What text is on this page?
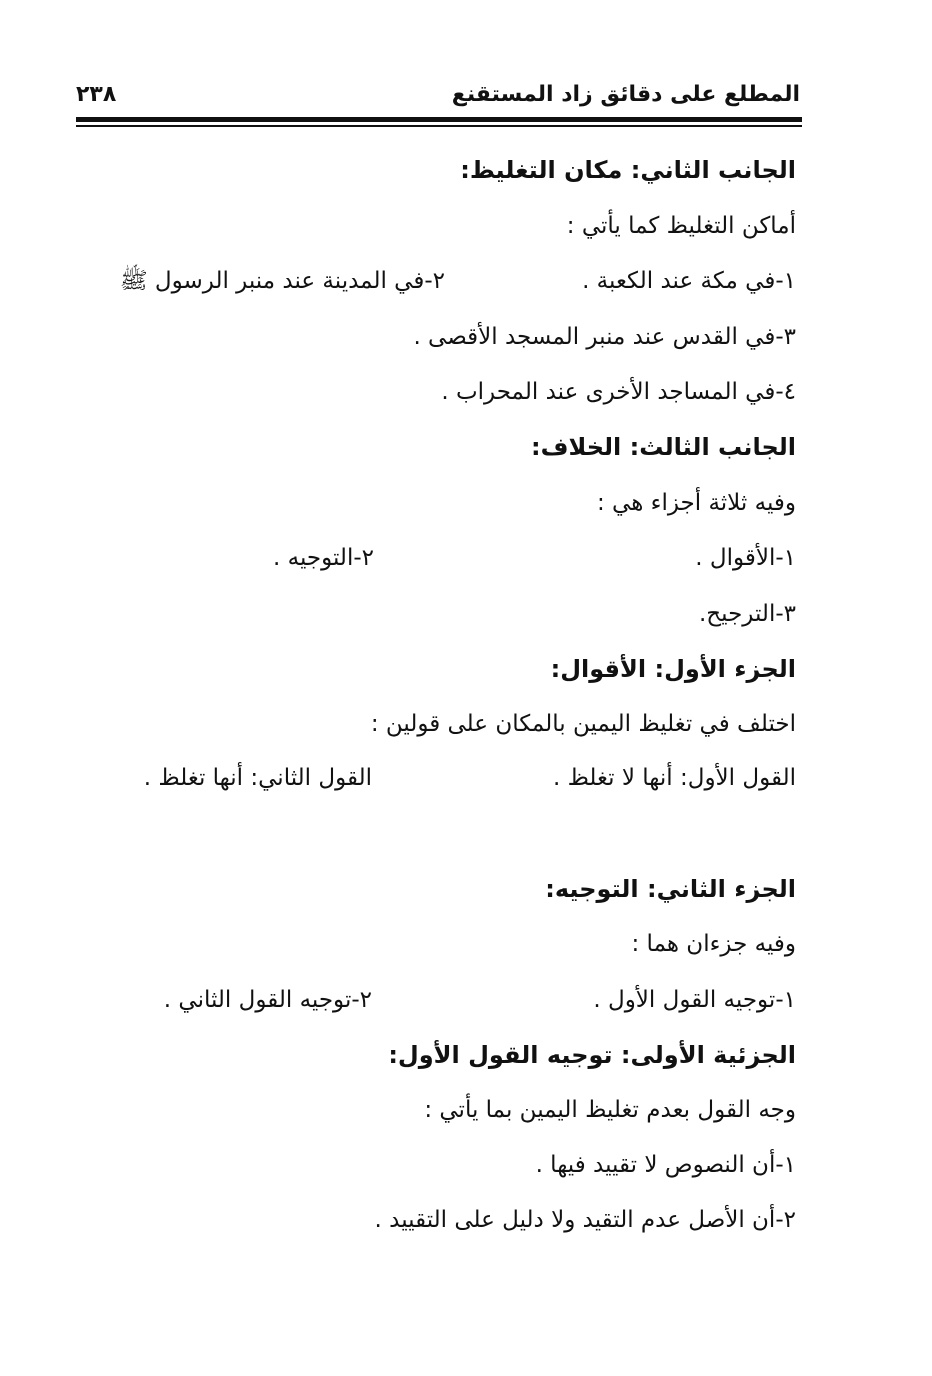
المطلع على دقائق زاد المستقنع
٢٣٨
الجانب الثاني: مكان التغليظ:
أماكن التغليظ كما يأتي :
١-في مكة عند الكعبة .
٢-في المدينة عند منبر الرسول ﷺ
٣-في القدس عند منبر المسجد الأقصى .
٤-في المساجد الأخرى عند المحراب .
الجانب الثالث: الخلاف:
وفيه ثلاثة أجزاء هي :
١-الأقوال .
٢-التوجيه .
٣-الترجيح.
الجزء الأول: الأقوال:
اختلف في تغليظ اليمين بالمكان على قولين :
القول الأول: أنها لا تغلظ .
القول الثاني: أنها تغلظ .
الجزء الثاني: التوجيه:
وفيه جزءان هما :
١-توجيه القول الأول .
٢-توجيه القول الثاني .
الجزئية الأولى: توجيه القول الأول:
وجه القول بعدم تغليظ اليمين بما يأتي :
١-أن النصوص لا تقييد فيها .
٢-أن الأصل عدم التقيد ولا دليل على التقييد .
